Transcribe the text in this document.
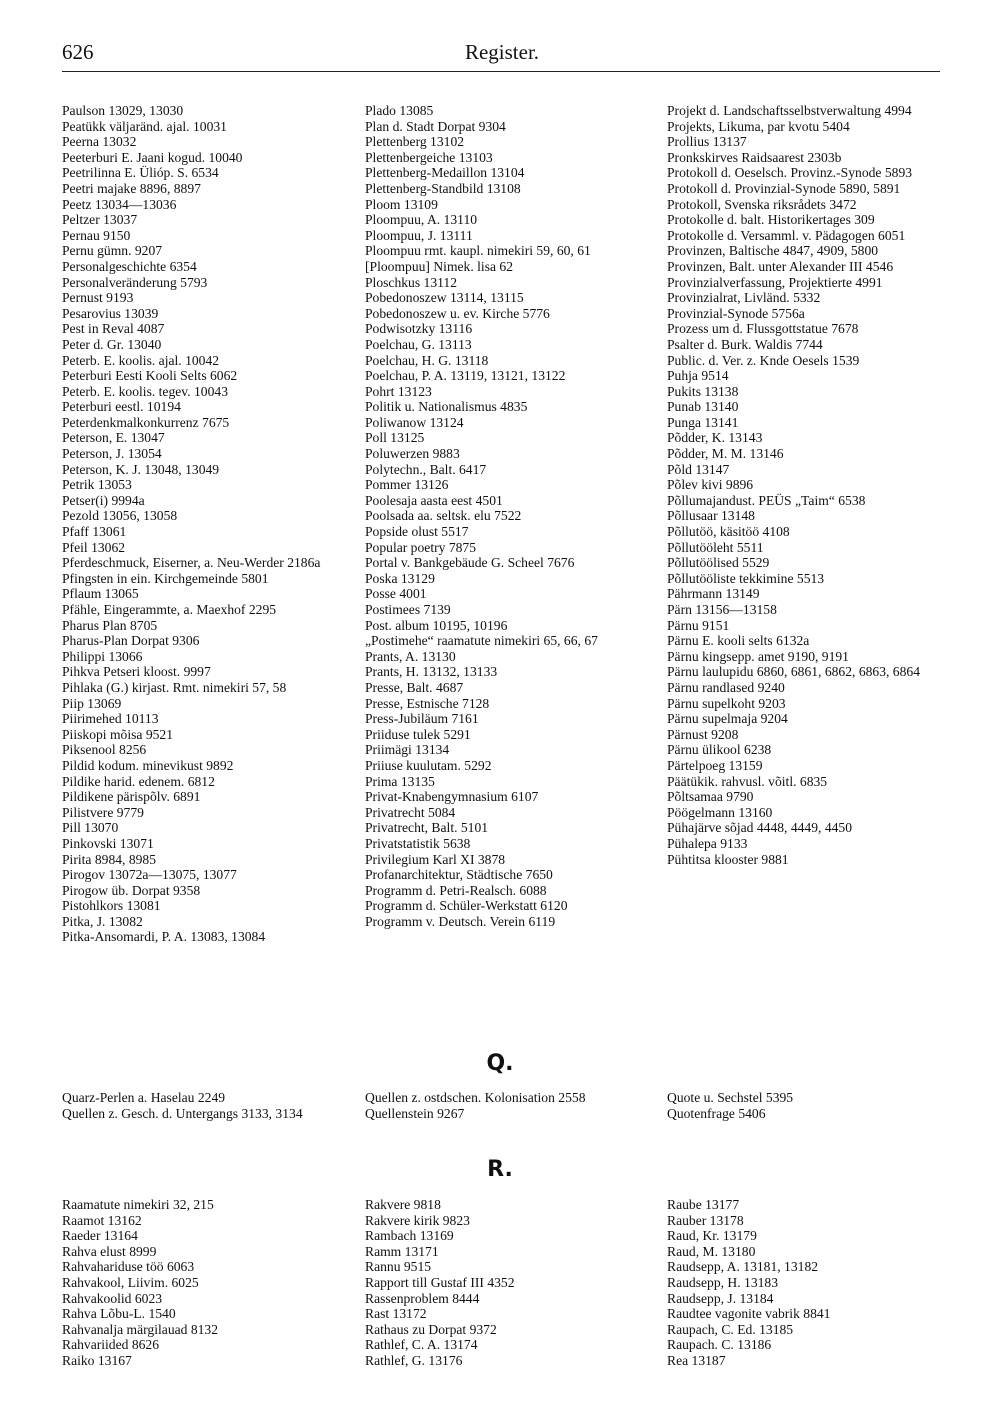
626	Register.
Paulson 13029, 13030
Peatükk väljaränd. ajal. 10031
Peerna 13032
Peeterburi E. Jaani kogud. 10040
Peetrilinna E. Ülióp. S. 6534
Peetri majake 8896, 8897
Peetz 13034—13036
Peltzer 13037
Pernau 9150
Pernu gümn. 9207
Personalgeschichte 6354
Personalveränderung 5793
Pernust 9193
Pesarovius 13039
Pest in Reval 4087
Peter d. Gr. 13040
Peterb. E. koolis. ajal. 10042
Peterburi Eesti Kooli Selts 6062
Peterb. E. koolis. tegev. 10043
Peterburi eestl. 10194
Peterdenkmalkonkurrenz 7675
Peterson, E. 13047
Peterson, J. 13054
Peterson, K. J. 13048, 13049
Petrik 13053
Petser(i) 9994a
Pezold 13056, 13058
Pfaff 13061
Pfeil 13062
Pferdeschmuck, Eiserner, a. Neu-Werder 2186a
Pfingsten in ein. Kirchgemeinde 5801
Pflaum 13065
Pfähle, Eingerammte, a. Maexhof 2295
Pharus Plan 8705
Pharus-Plan Dorpat 9306
Philippi 13066
Pihkva Petseri kloost. 9997
Pihlaka (G.) kirjast. Rmt. nimekiri 57, 58
Piip 13069
Piirimehed 10113
Piiskopi mõisa 9521
Piksenool 8256
Pildid kodum. minevikust 9892
Pildike harid. edenem. 6812
Pildikene pärispõlv. 6891
Pilistvere 9779
Pill 13070
Pinkovski 13071
Pirita 8984, 8985
Pirogov 13072a—13075, 13077
Pirogow üb. Dorpat 9358
Pistohlkors 13081
Pitka, J. 13082
Pitka-Ansomardi, P. A. 13083, 13084
Plado 13085
Plan d. Stadt Dorpat 9304
Plettenberg 13102
Plettenbergeiche 13103
Plettenberg-Medaillon 13104
Plettenberg-Standbild 13108
Ploom 13109
Ploompuu, A. 13110
Ploompuu, J. 13111
Ploompuu rmt. kaupl. nimekiri 59, 60, 61
[Ploompuu] Nimek. lisa 62
Ploschkus 13112
Pobedonoszew 13114, 13115
Pobedonoszew u. ev. Kirche 5776
Podwisotzky 13116
Poelchau, G. 13113
Poelchau, H. G. 13118
Poelchau, P. A. 13119, 13121, 13122
Pohrt 13123
Politik u. Nationalismus 4835
Poliwanow 13124
Poll 13125
Poluwerzen 9883
Polytechn., Balt. 6417
Pommer 13126
Poolesaja aasta eest 4501
Poolsada aa. seltsk. elu 7522
Popside olust 5517
Popular poetry 7875
Portal v. Bankgebäude G. Scheel 7676
Poska 13129
Posse 4001
Postimees 7139
Post. album 10195, 10196
„Postimehe“ raamatute nimekiri 65, 66, 67
Prants, A. 13130
Prants, H. 13132, 13133
Presse, Balt. 4687
Presse, Estnische 7128
Press-Jubiläum 7161
Priiduse tulek 5291
Priimägi 13134
Priiuse kuulutam. 5292
Prima 13135
Privat-Knabengymnasium 6107
Privatrecht 5084
Privatrecht, Balt. 5101
Privatstatistik 5638
Privilegium Karl XI 3878
Profanarchitektur, Städtische 7650
Programm d. Petri-Realsch. 6088
Programm d. Schüler-Werkstatt 6120
Programm v. Deutsch. Verein 6119
Projekt d. Landschaftsselbstverwaltung 4994
Projekts, Likuma, par kvotu 5404
Prollius 13137
Pronkskirves Raidsaarest 2303b
Protokoll d. Oeselsch. Provinz.-Synode 5893
Protokoll d. Provinzial-Synode 5890, 5891
Protokoll, Svenska riksrådets 3472
Protokolle d. balt. Historikertages 309
Protokolle d. Versamml. v. Pädagogen 6051
Provinzen, Baltische 4847, 4909, 5800
Provinzen, Balt. unter Alexander III 4546
Provinzialverfassung, Projektierte 4991
Provinzialrat, Livländ. 5332
Provinzial-Synode 5756a
Prozess um d. Flussgottstatue 7678
Psalter d. Burk. Waldis 7744
Public. d. Ver. z. Knde Oesels 1539
Puhja 9514
Pukits 13138
Punab 13140
Punga 13141
Põdder, K. 13143
Põdder, M. M. 13146
Põld 13147
Põlev kivi 9896
Põllumajandust. PEÜS „Taim“ 6538
Põllusaar 13148
Põllutöö, käsitöö 4108
Põllutööleht 5511
Põllutöölised 5529
Põllutööliste tekkimine 5513
Pährmann 13149
Pärn 13156—13158
Pärnu 9151
Pärnu E. kooli selts 6132a
Pärnu kingsepp. amet 9190, 9191
Pärnu laulupidu 6860, 6861, 6862, 6863, 6864
Pärnu randlased 9240
Pärnu supelkoht 9203
Pärnu supelmaja 9204
Pärnust 9208
Pärnu ülikool 6238
Pärtelpoeg 13159
Päätükik. rahvusl. võitl. 6835
Põltsamaa 9790
Pöögelmann 13160
Pühajärve sõjad 4448, 4449, 4450
Pühalepa 9133
Pühtitsa klooster 9881
Q.
Quarz-Perlen a. Haselau 2249
Quellen z. Gesch. d. Untergangs 3133, 3134
Quellen z. ostdschen. Kolonisation 2558
Quellenstein 9267
Quote u. Sechstel 5395
Quotenfrage 5406
R.
Raamatute nimekiri 32, 215
Raamot 13162
Raeder 13164
Rahva elust 8999
Rahvahariduse töö 6063
Rahvakool, Liivim. 6025
Rahvakoolid 6023
Rahva Lõbu-L. 1540
Rahvanalja märgilauad 8132
Rahvariided 8626
Raiko 13167
Rakvere 9818
Rakvere kirik 9823
Rambach 13169
Ramm 13171
Rannu 9515
Rapport till Gustaf III 4352
Rassenproblem 8444
Rast 13172
Rathaus zu Dorpat 9372
Rathlef, C. A. 13174
Rathlef, G. 13176
Raube 13177
Rauber 13178
Raud, Kr. 13179
Raud, M. 13180
Raudsepp, A. 13181, 13182
Raudsepp, H. 13183
Raudsepp, J. 13184
Raudtee vagonite vabrik 8841
Raupach, C. Ed. 13185
Raupach. C. 13186
Rea 13187
